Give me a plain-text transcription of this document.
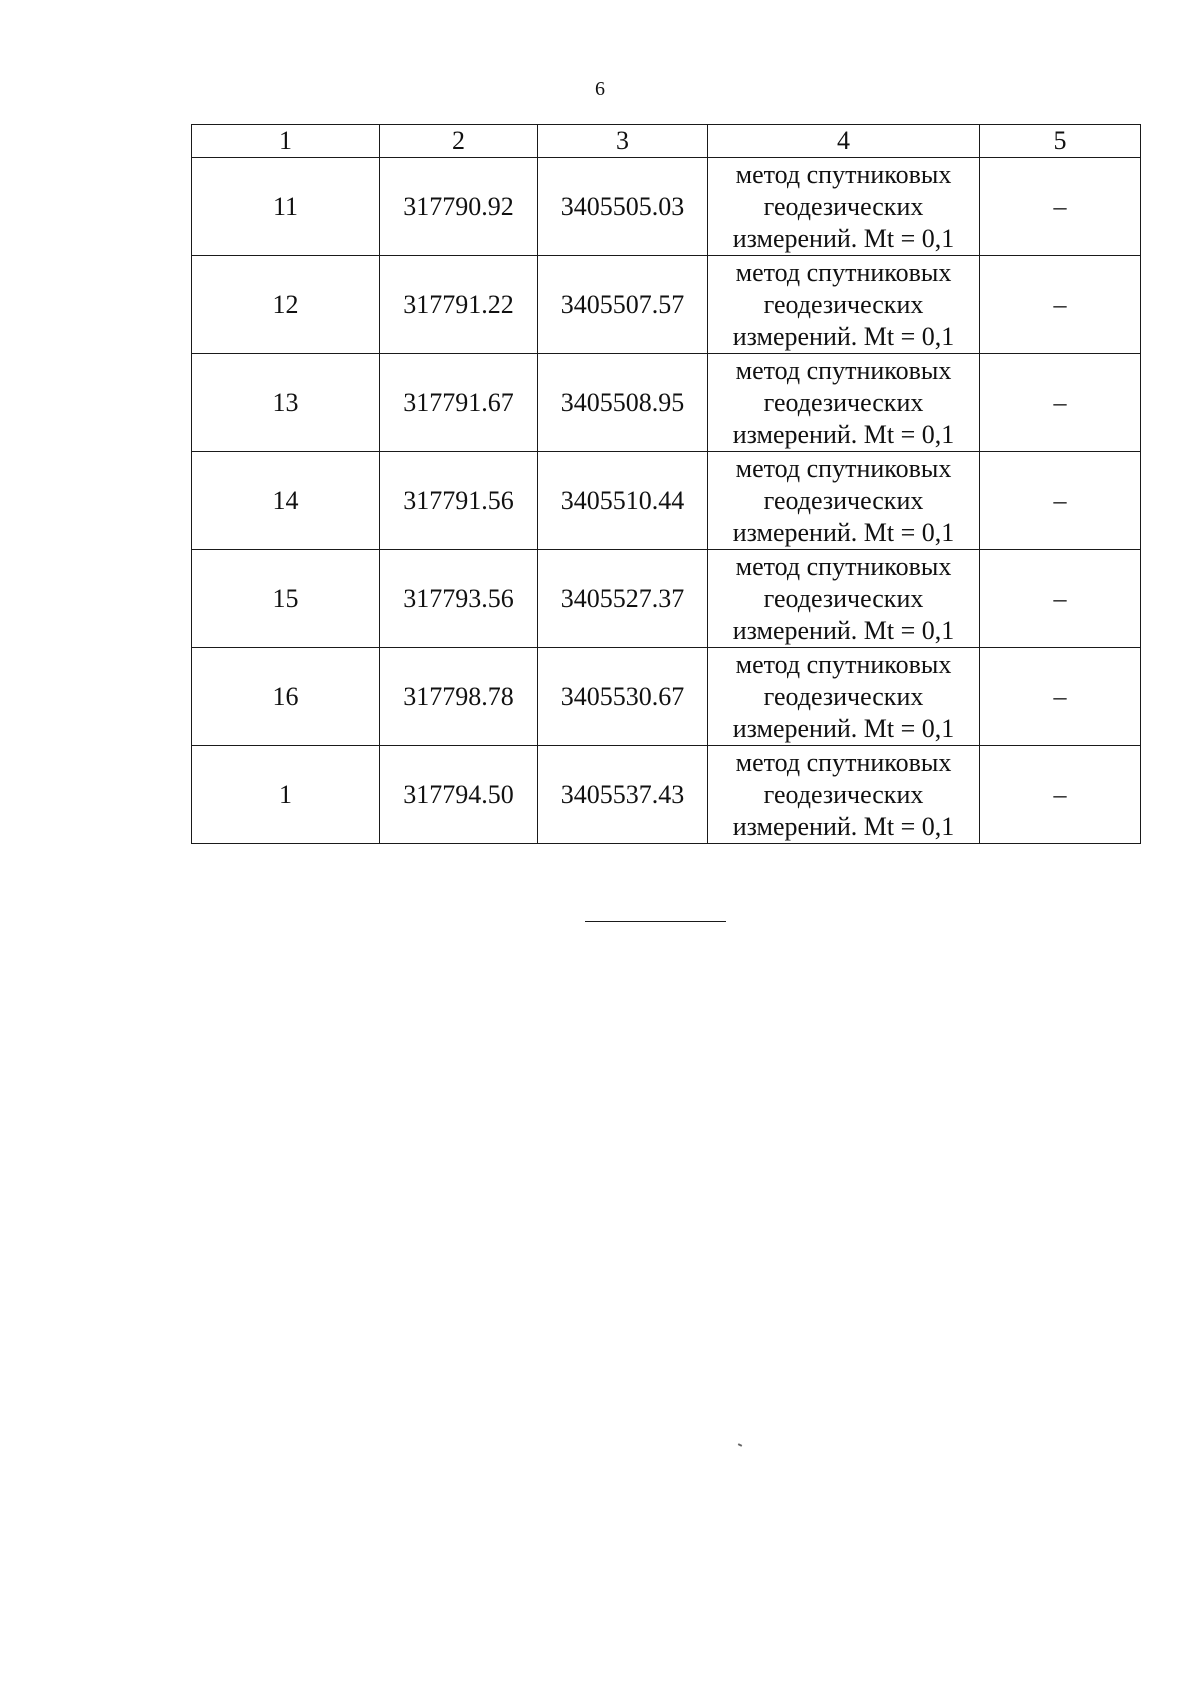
6
1	2	3	4	5
11	317790.92	3405505.03	метод спутниковых
геодезических
измерений. Mt = 0,1	–
12	317791.22	3405507.57	метод спутниковых
геодезических
измерений. Mt = 0,1	–
13	317791.67	3405508.95	метод спутниковых
геодезических
измерений. Mt = 0,1	–
14	317791.56	3405510.44	метод спутниковых
геодезических
измерений. Mt = 0,1	–
15	317793.56	3405527.37	метод спутниковых
геодезических
измерений. Mt = 0,1	–
16	317798.78	3405530.67	метод спутниковых
геодезических
измерений. Mt = 0,1	–
1	317794.50	3405537.43	метод спутниковых
геодезических
измерений. Mt = 0,1	–
